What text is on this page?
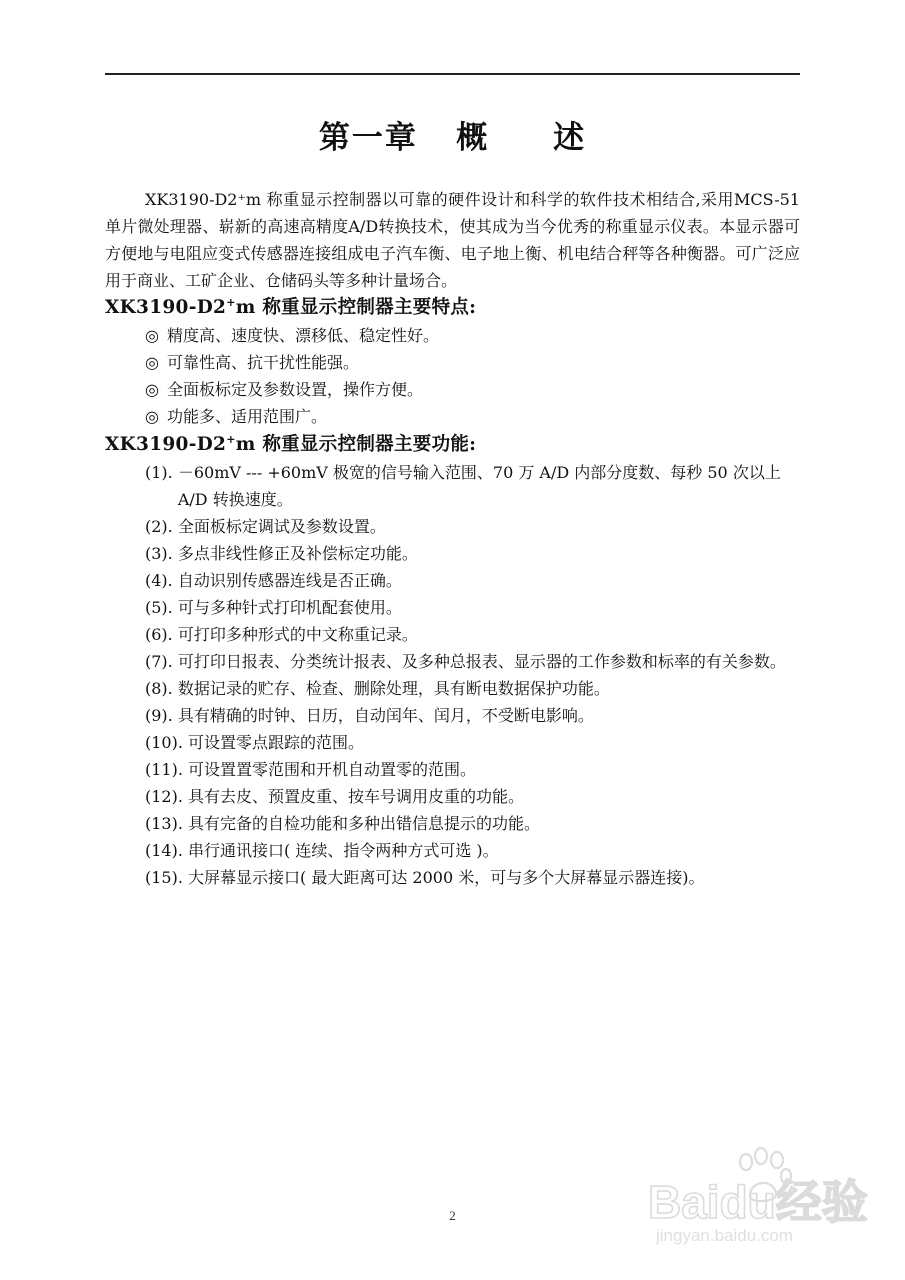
第一章   概     述

XK3190-D2⁺m 称重显示控制器以可靠的硬件设计和科学的软件技术相结合,采用MCS-51单片微处理器、崭新的高速高精度A/D转换技术，使其成为当今优秀的称重显示仪表。本显示器可方便地与电阻应变式传感器连接组成电子汽车衡、电子地上衡、机电结合秤等各种衡器。可广泛应用于商业、工矿企业、仓储码头等多种计量场合。

XK3190-D2+m 称重显示控制器主要特点:
◎ 精度高、速度快、漂移低、稳定性好。
◎ 可靠性高、抗干扰性能强。
◎ 全面板标定及参数设置，操作方便。
◎ 功能多、适用范围广。
XK3190-D2+m 称重显示控制器主要功能:
(1). －60mV --- +60mV 极宽的信号输入范围、70 万 A/D 内部分度数、每秒 50 次以上 A/D 转换速度。
(2). 全面板标定调试及参数设置。
(3). 多点非线性修正及补偿标定功能。
(4). 自动识别传感器连线是否正确。
(5). 可与多种针式打印机配套使用。
(6). 可打印多种形式的中文称重记录。
(7). 可打印日报表、分类统计报表、及多种总报表、显示器的工作参数和标率的有关参数。
(8). 数据记录的贮存、检查、删除处理，具有断电数据保护功能。
(9). 具有精确的时钟、日历，自动闰年、闰月，不受断电影响。
(10). 可设置零点跟踪的范围。
(11). 可设置置零范围和开机自动置零的范围。
(12). 具有去皮、预置皮重、按车号调用皮重的功能。
(13). 具有完备的自检功能和多种出错信息提示的功能。
(14). 串行通讯接口( 连续、指令两种方式可选 )。
(15). 大屏幕显示接口( 最大距离可达 2000 米，可与多个大屏幕显示器连接)。
2	Baidu经验
jingyan.baidu.com
